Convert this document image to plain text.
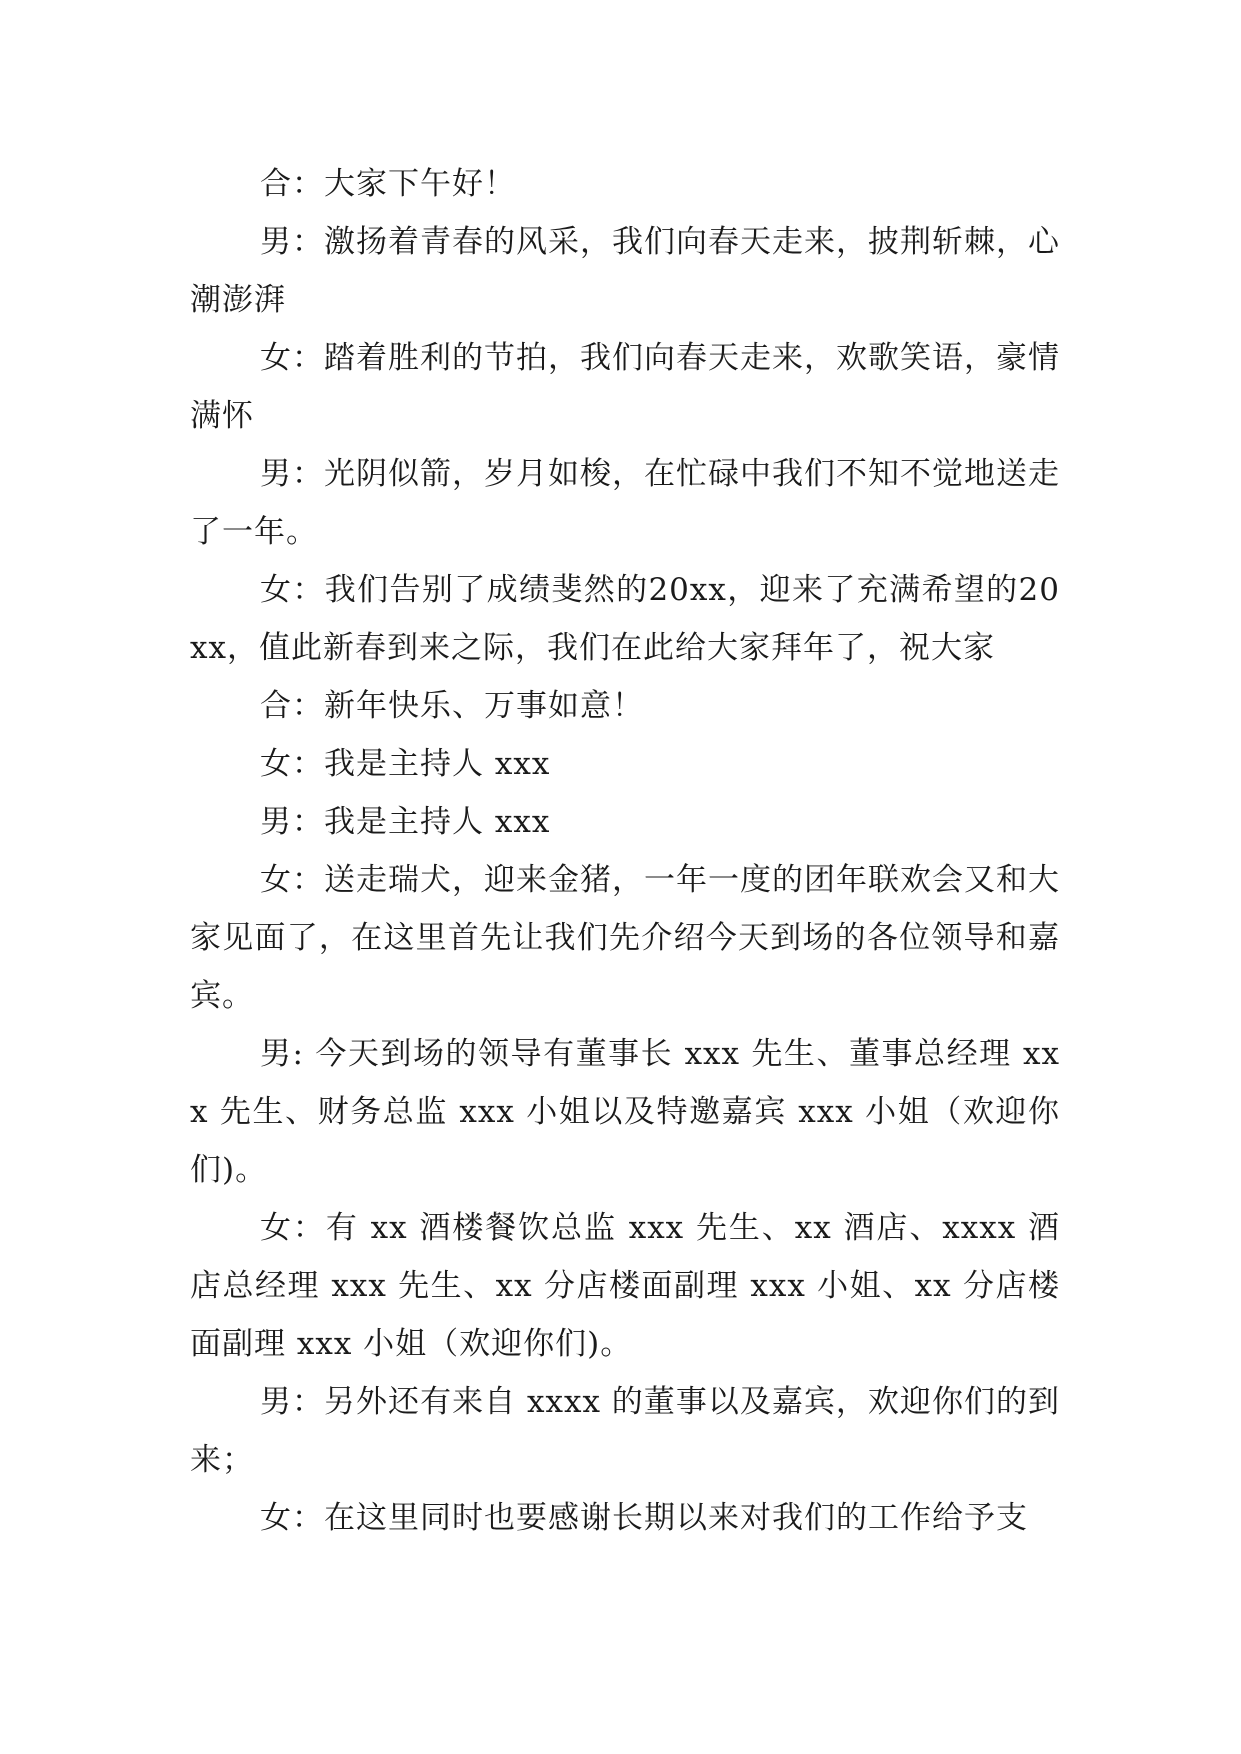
合：大家下午好！

男：激扬着青春的风采，我们向春天走来，披荆斩棘，心潮澎湃

女：踏着胜利的节拍，我们向春天走来，欢歌笑语，豪情满怀

男：光阴似箭，岁月如梭，在忙碌中我们不知不觉地送走了一年。

女：我们告别了成绩斐然的20xx，迎来了充满希望的20xx，值此新春到来之际，我们在此给大家拜年了，祝大家

合：新年快乐、万事如意！

女：我是主持人 xxx

男：我是主持人 xxx

女：送走瑞犬，迎来金猪，一年一度的团年联欢会又和大家见面了，在这里首先让我们先介绍今天到场的各位领导和嘉宾。

男: 今天到场的领导有董事长 xxx 先生、董事总经理 xxx 先生、财务总监 xxx 小姐以及特邀嘉宾 xxx 小姐（欢迎你们)。

女：有 xx 酒楼餐饮总监 xxx 先生、xx 酒店、xxxx 酒店总经理 xxx 先生、xx 分店楼面副理 xxx 小姐、xx 分店楼面副理 xxx 小姐（欢迎你们)。

男：另外还有来自 xxxx 的董事以及嘉宾，欢迎你们的到来；

女：在这里同时也要感谢长期以来对我们的工作给予支
